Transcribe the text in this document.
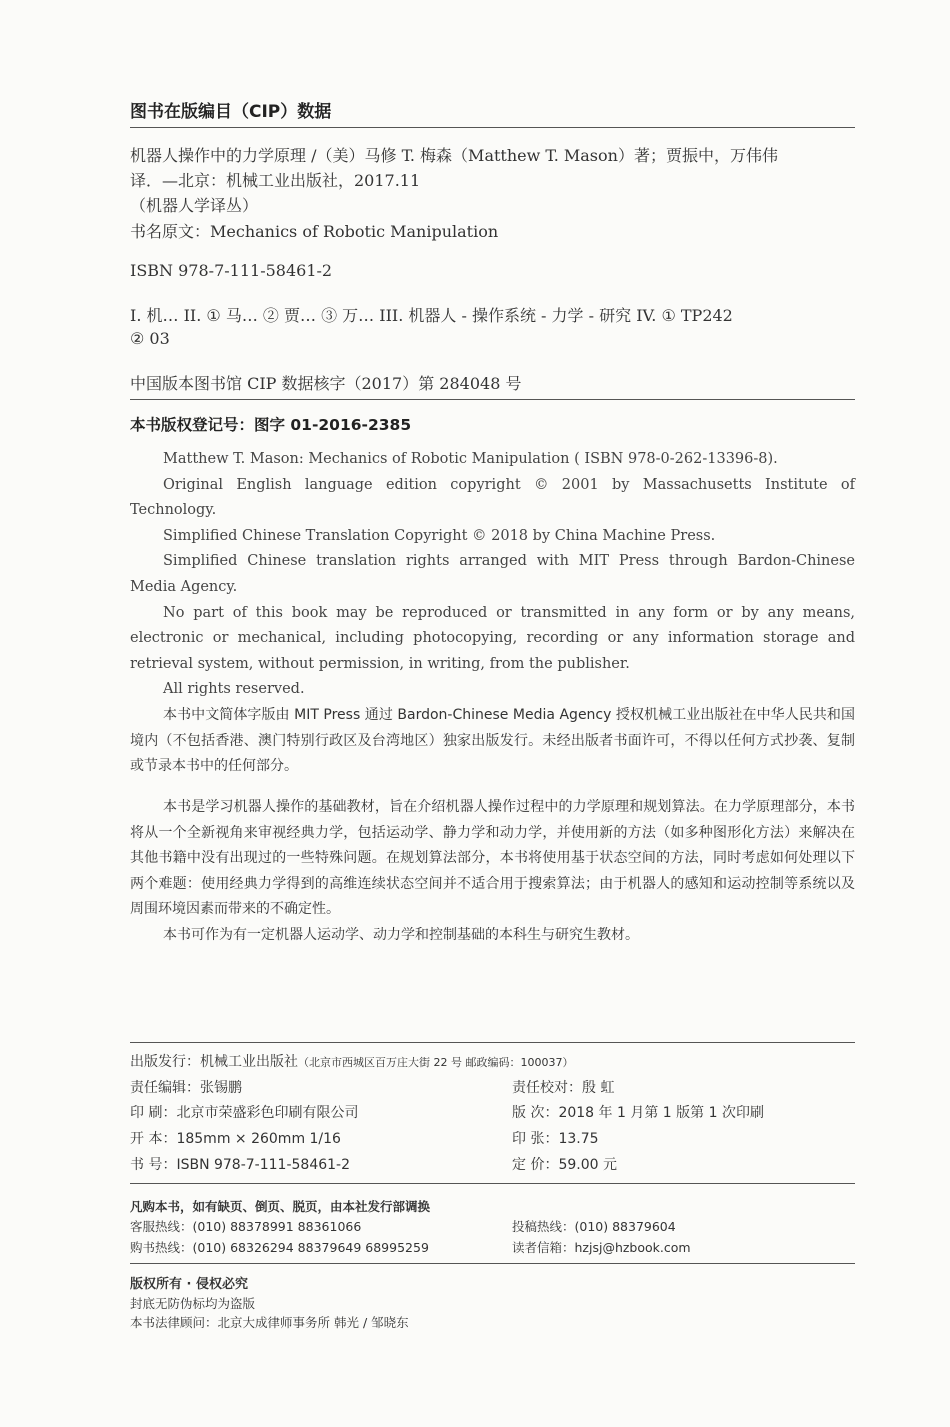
图书在版编目（CIP）数据
机器人操作中的力学原理 /（美）马修 T. 梅森（Matthew T. Mason）著；贾振中，万伟伟
译．—北京：机械工业出版社，2017.11
（机器人学译丛）
书名原文：Mechanics of Robotic Manipulation
ISBN 978-7-111-58461-2
I. 机… II. ① 马… ② 贾… ③ 万… III. 机器人 - 操作系统 - 力学 - 研究 IV. ① TP242
② 03
中国版本图书馆 CIP 数据核字（2017）第 284048 号
本书版权登记号：图字 01-2016-2385

Matthew T. Mason: Mechanics of Robotic Manipulation ( ISBN 978-0-262-13396-8).

Original English language edition copyright © 2001 by Massachusetts Institute of Technology.

Simplified Chinese Translation Copyright © 2018 by China Machine Press.

Simplified Chinese translation rights arranged with MIT Press through Bardon-Chinese Media Agency.

No part of this book may be reproduced or transmitted in any form or by any means, electronic or mechanical, including photocopying, recording or any information storage and retrieval system, without permission, in writing, from the publisher.

All rights reserved.

本书中文简体字版由 MIT Press 通过 Bardon-Chinese Media Agency 授权机械工业出版社在中华人民共和国境内（不包括香港、澳门特别行政区及台湾地区）独家出版发行。未经出版者书面许可，不得以任何方式抄袭、复制或节录本书中的任何部分。

本书是学习机器人操作的基础教材，旨在介绍机器人操作过程中的力学原理和规划算法。在力学原理部分，本书将从一个全新视角来审视经典力学，包括运动学、静力学和动力学，并使用新的方法（如多种图形化方法）来解决在其他书籍中没有出现过的一些特殊问题。在规划算法部分，本书将使用基于状态空间的方法，同时考虑如何处理以下两个难题：使用经典力学得到的高维连续状态空间并不适合用于搜索算法；由于机器人的感知和运动控制等系统以及周围环境因素而带来的不确定性。

本书可作为有一定机器人运动学、动力学和控制基础的本科生与研究生教材。

出版发行：机械工业出版社（北京市西城区百万庄大街 22 号 邮政编码：100037）
责任编辑：张锡鹏	责任校对：殷 虹
印 刷：北京市荣盛彩色印刷有限公司	版 次：2018 年 1 月第 1 版第 1 次印刷
开 本：185mm × 260mm 1/16	印 张：13.75
书 号：ISBN 978-7-111-58461-2	定 价：59.00 元
凡购本书，如有缺页、倒页、脱页，由本社发行部调换
客服热线：(010) 88378991 88361066	投稿热线：(010) 88379604
购书热线：(010) 68326294 88379649 68995259	读者信箱：hzjsj@hzbook.com
版权所有 · 侵权必究
封底无防伪标均为盗版
本书法律顾问：北京大成律师事务所 韩光 / 邹晓东
